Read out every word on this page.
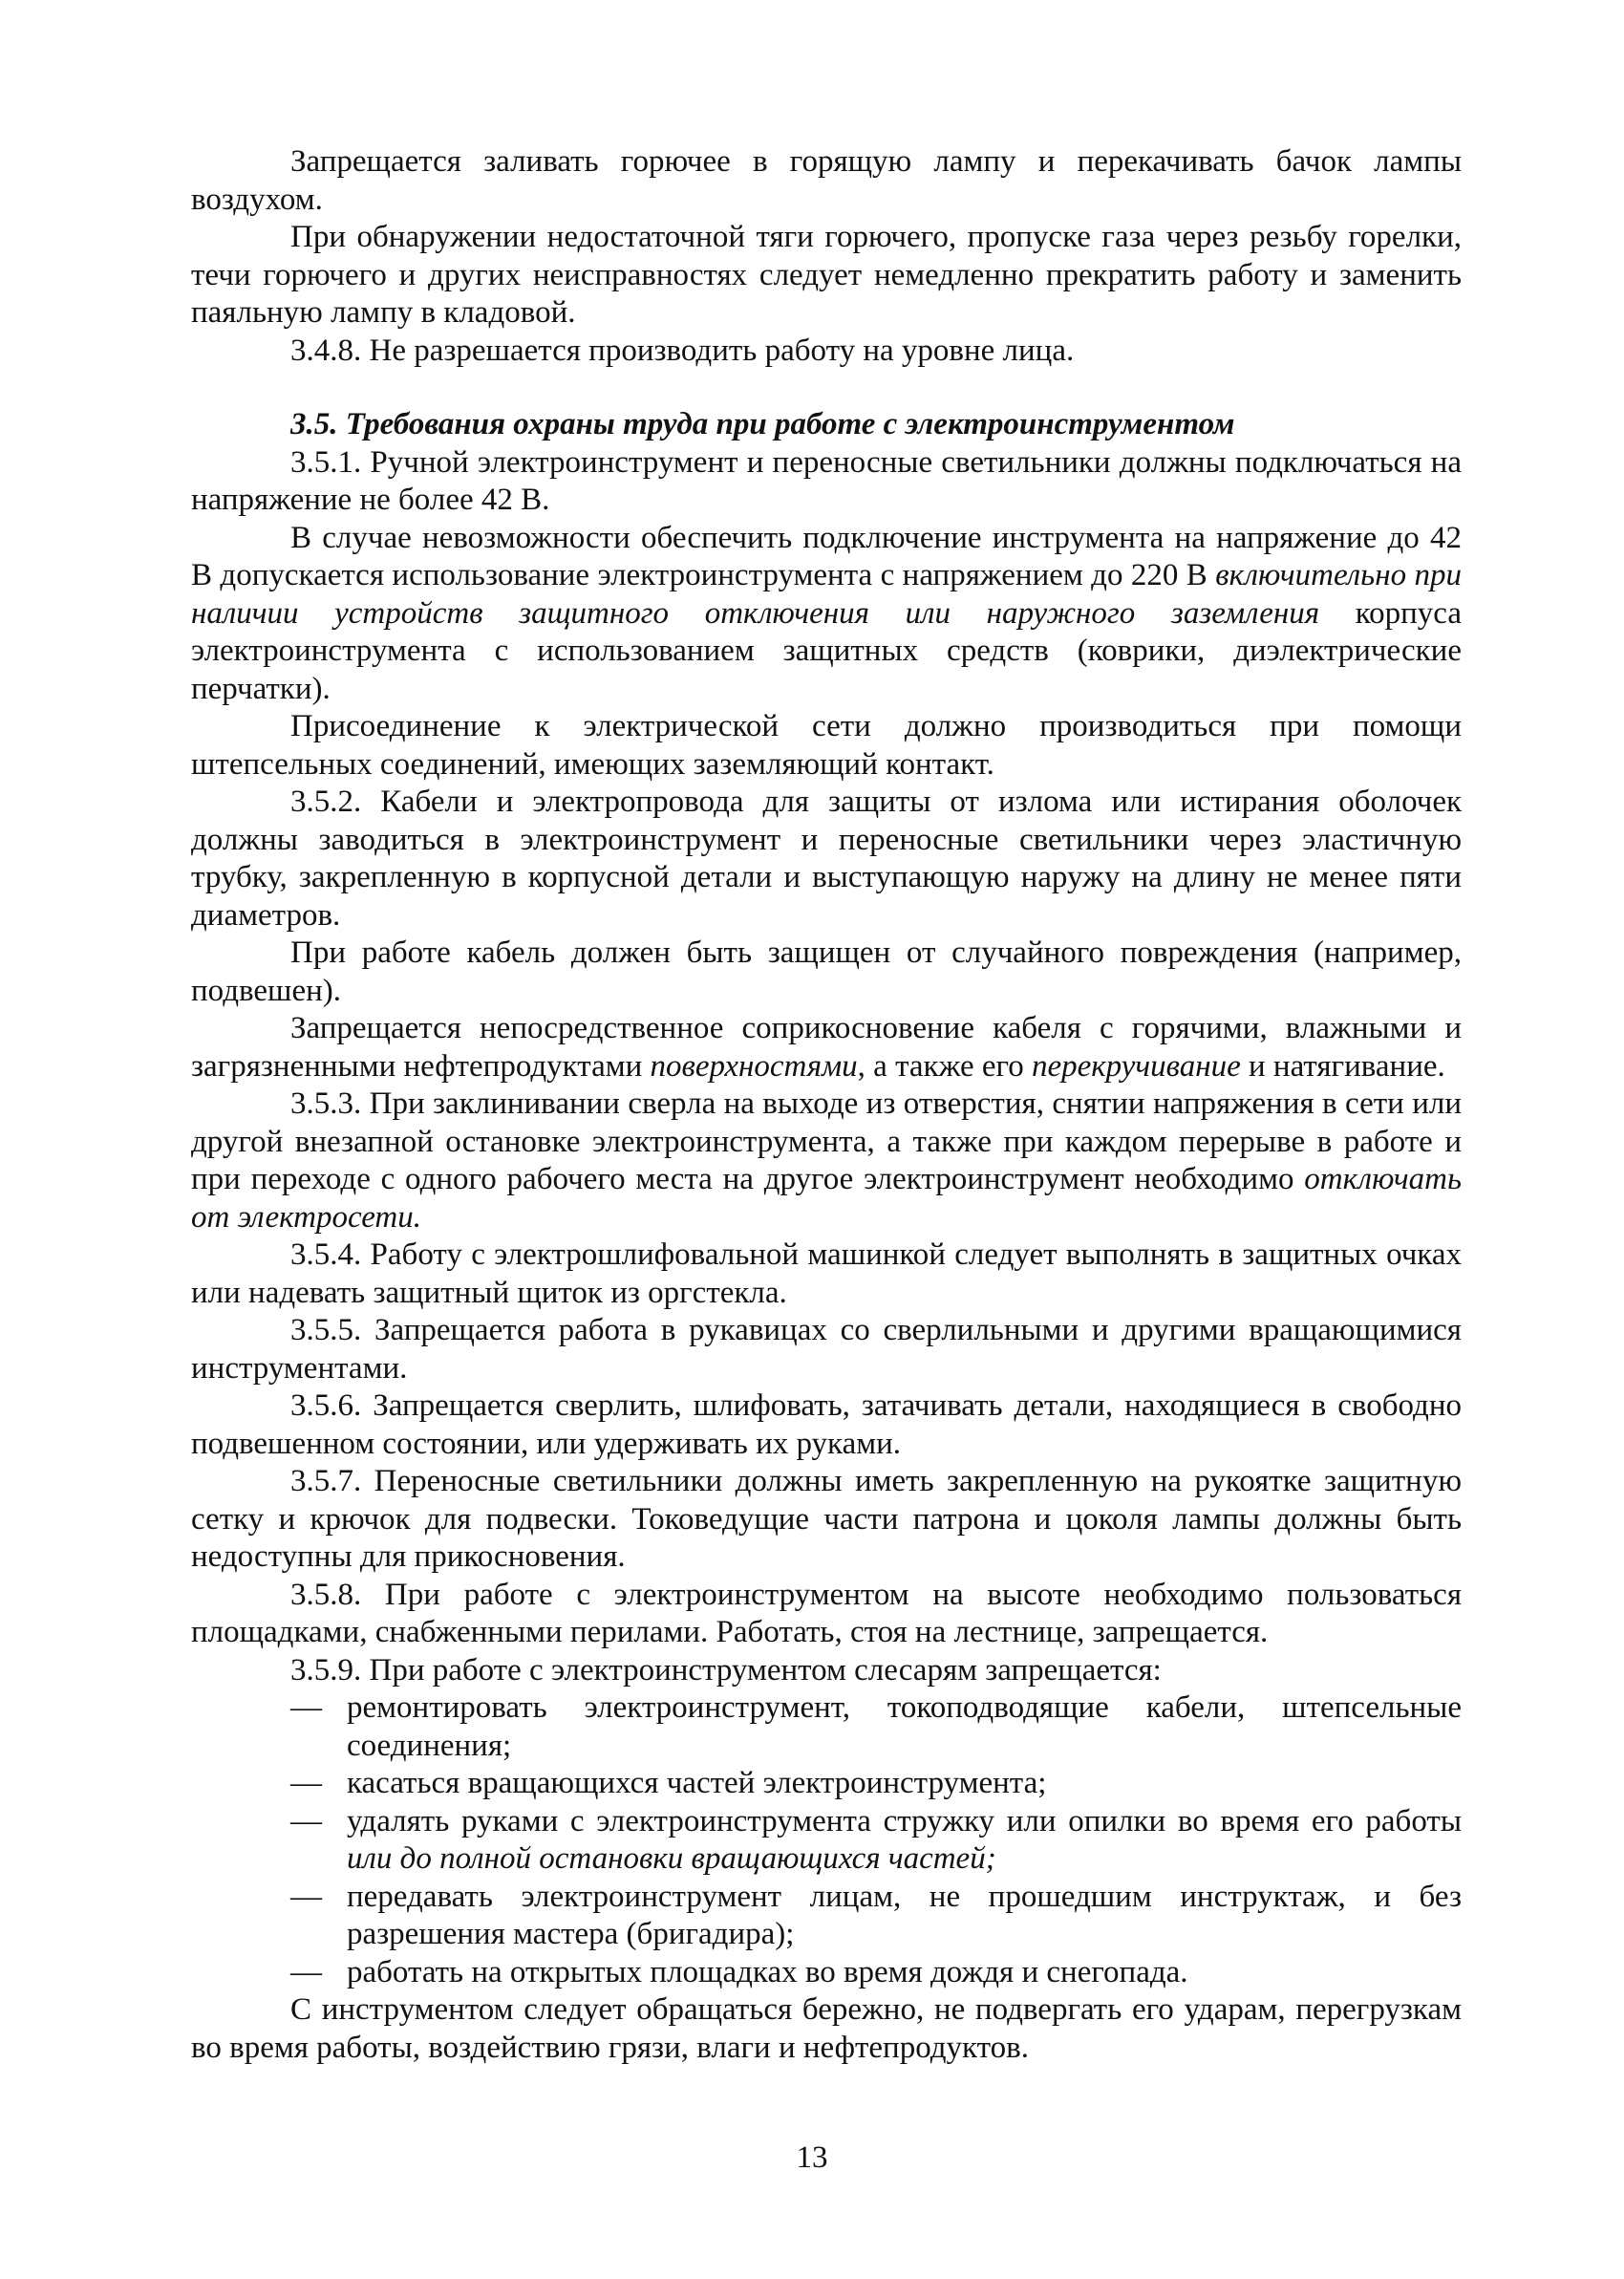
Запрещается заливать горючее в горящую лампу и перекачивать бачок лампы воздухом.

При обнаружении недостаточной тяги горючего, пропуске газа через резьбу горелки, течи горючего и других неисправностях следует немедленно прекратить работу и заменить паяльную лампу в кладовой.

3.4.8. Не разрешается производить работу на уровне лица.

3.5. Требования охраны труда при работе с электроинструментом

3.5.1. Ручной электроинструмент и переносные светильники должны подключаться на напряжение не более 42 В.

В случае невозможности обеспечить подключение инструмента на напряжение до 42 В допускается использование электроинструмента с напряжением до 220 В включительно при наличии устройств защитного отключения или наружного заземления корпуса электроинструмента с использованием защитных средств (коврики, диэлектрические перчатки).

Присоединение к электрической сети должно производиться при помощи штепсельных соединений, имеющих заземляющий контакт.

3.5.2. Кабели и электропровода для защиты от излома или истирания оболочек должны заводиться в электроинструмент и переносные светильники через эластичную трубку, закрепленную в корпусной детали и выступающую наружу на длину не менее пяти диаметров.

При работе кабель должен быть защищен от случайного повреждения (например, подвешен).

Запрещается непосредственное соприкосновение кабеля с горячими, влажными и загрязненными нефтепродуктами поверхностями, а также его перекручивание и натягивание.

3.5.3. При заклинивании сверла на выходе из отверстия, снятии напряжения в сети или другой внезапной остановке электроинструмента, а также при каждом перерыве в работе и при переходе с одного рабочего места на другое электроинструмент необходимо отключать от электросети.

3.5.4. Работу с электрошлифовальной машинкой следует выполнять в защитных очках или надевать защитный щиток из оргстекла.

3.5.5. Запрещается работа в рукавицах со сверлильными и другими вращающимися инструментами.

3.5.6. Запрещается сверлить, шлифовать, затачивать детали, находящиеся в свободно подвешенном состоянии, или удерживать их руками.

3.5.7. Переносные светильники должны иметь закрепленную на рукоятке защитную сетку и крючок для подвески. Токоведущие части патрона и цоколя лампы должны быть недоступны для прикосновения.

3.5.8. При работе с электроинструментом на высоте необходимо пользоваться площадками, снабженными перилами. Работать, стоя на лестнице, запрещается.

3.5.9. При работе с электроинструментом слесарям запрещается:

— ремонтировать электроинструмент, токоподводящие кабели, штепсельные соединения;
— касаться вращающихся частей электроинструмента;
— удалять руками с электроинструмента стружку или опилки во время его работы или до полной остановки вращающихся частей;
— передавать электроинструмент лицам, не прошедшим инструктаж, и без разрешения мастера (бригадира);
— работать на открытых площадках во время дождя и снегопада.

С инструментом следует обращаться бережно, не подвергать его ударам, перегрузкам во время работы, воздействию грязи, влаги и нефтепродуктов.

13
